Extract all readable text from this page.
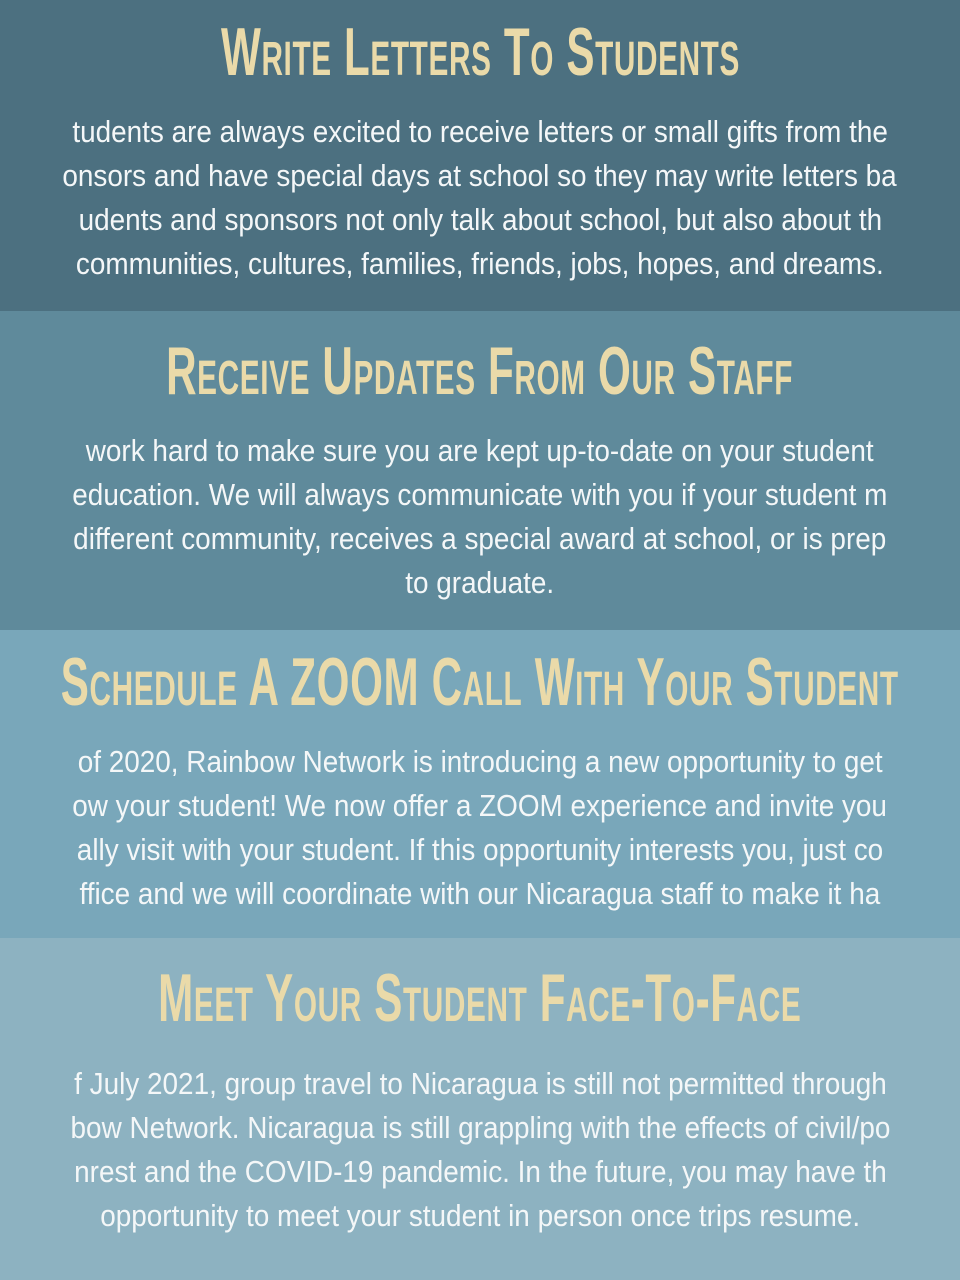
Write Letters To Students
tudents are always excited to receive letters or small gifts from the
onsors and have special days at school so they may write letters ba
udents and sponsors not only talk about school, but also about th
communities, cultures, families, friends, jobs, hopes, and dreams.
Receive Updates From Our Staff
work hard to make sure you are kept up-to-date on your student
education. We will always communicate with you if your student m
different community, receives a special award at school, or is prep
to graduate.
Schedule A ZOOM Call With Your Student
of 2020, Rainbow Network is introducing a new opportunity to get
ow your student! We now offer a ZOOM experience and invite you
ally visit with your student. If this opportunity interests you, just co
ffice and we will coordinate with our Nicaragua staff to make it ha
Meet Your Student Face-To-Face
f July 2021, group travel to Nicaragua is still not permitted through
bow Network. Nicaragua is still grappling with the effects of civil/po
nrest and the COVID-19 pandemic. In the future, you may have th
opportunity to meet your student in person once trips resume.
